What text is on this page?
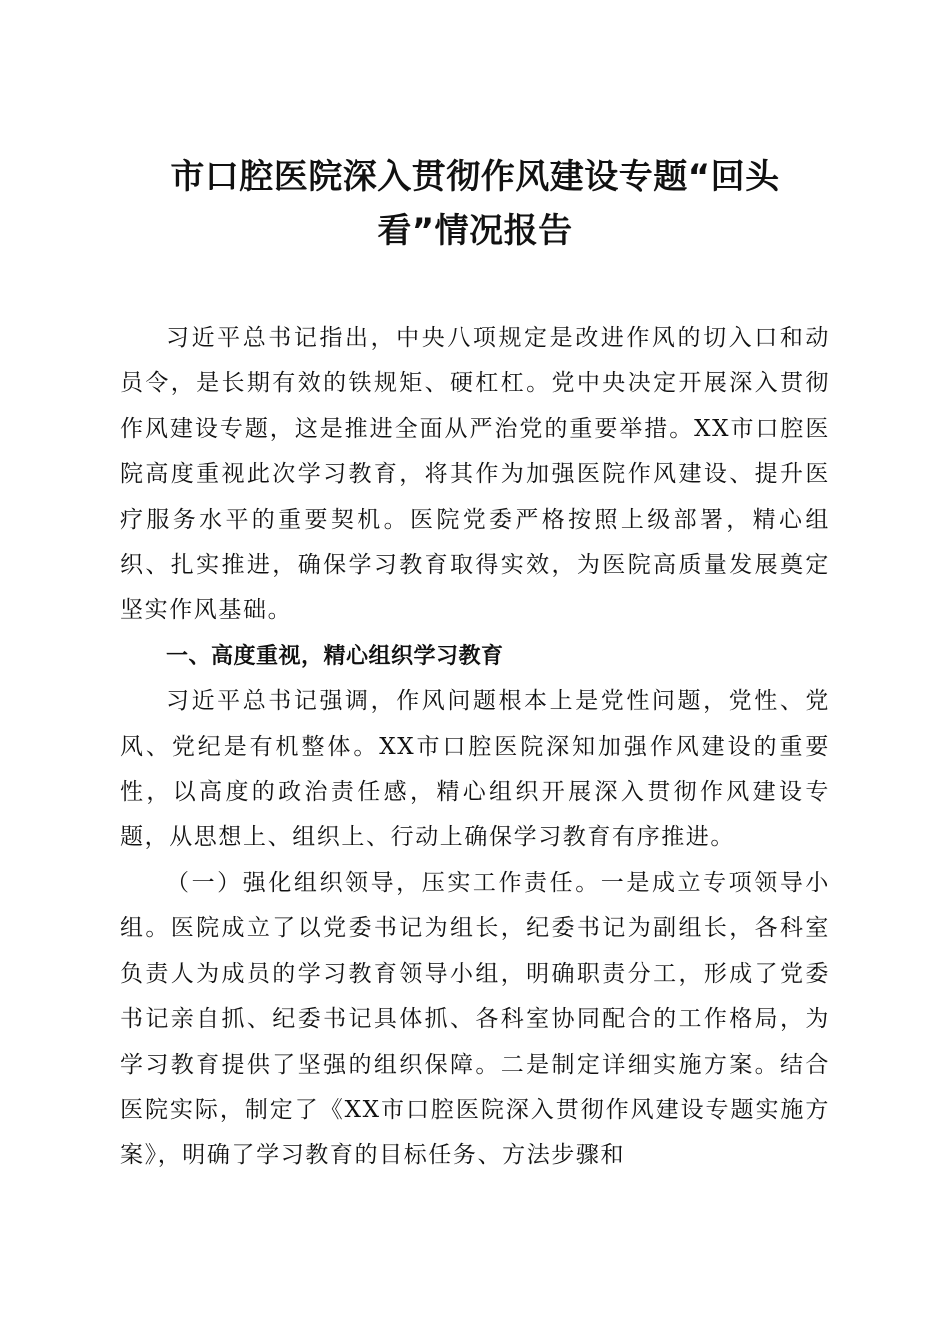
市口腔医院深入贯彻作风建设专题“回头
看”情况报告

习近平总书记指出，中央八项规定是改进作风的切入口和动员令，是长期有效的铁规矩、硬杠杠。党中央决定开展深入贯彻作风建设专题，这是推进全面从严治党的重要举措。XX市口腔医院高度重视此次学习教育，将其作为加强医院作风建设、提升医疗服务水平的重要契机。医院党委严格按照上级部署，精心组织、扎实推进，确保学习教育取得实效，为医院高质量发展奠定坚实作风基础。

一、高度重视，精心组织学习教育

习近平总书记强调，作风问题根本上是党性问题，党性、党风、党纪是有机整体。XX市口腔医院深知加强作风建设的重要性，以高度的政治责任感，精心组织开展深入贯彻作风建设专题，从思想上、组织上、行动上确保学习教育有序推进。

（一）强化组织领导，压实工作责任。一是成立专项领导小组。医院成立了以党委书记为组长，纪委书记为副组长，各科室负责人为成员的学习教育领导小组，明确职责分工，形成了党委书记亲自抓、纪委书记具体抓、各科室协同配合的工作格局，为学习教育提供了坚强的组织保障。二是制定详细实施方案。结合医院实际，制定了《XX市口腔医院深入贯彻作风建设专题实施方案》，明确了学习教育的目标任务、方法步骤和
